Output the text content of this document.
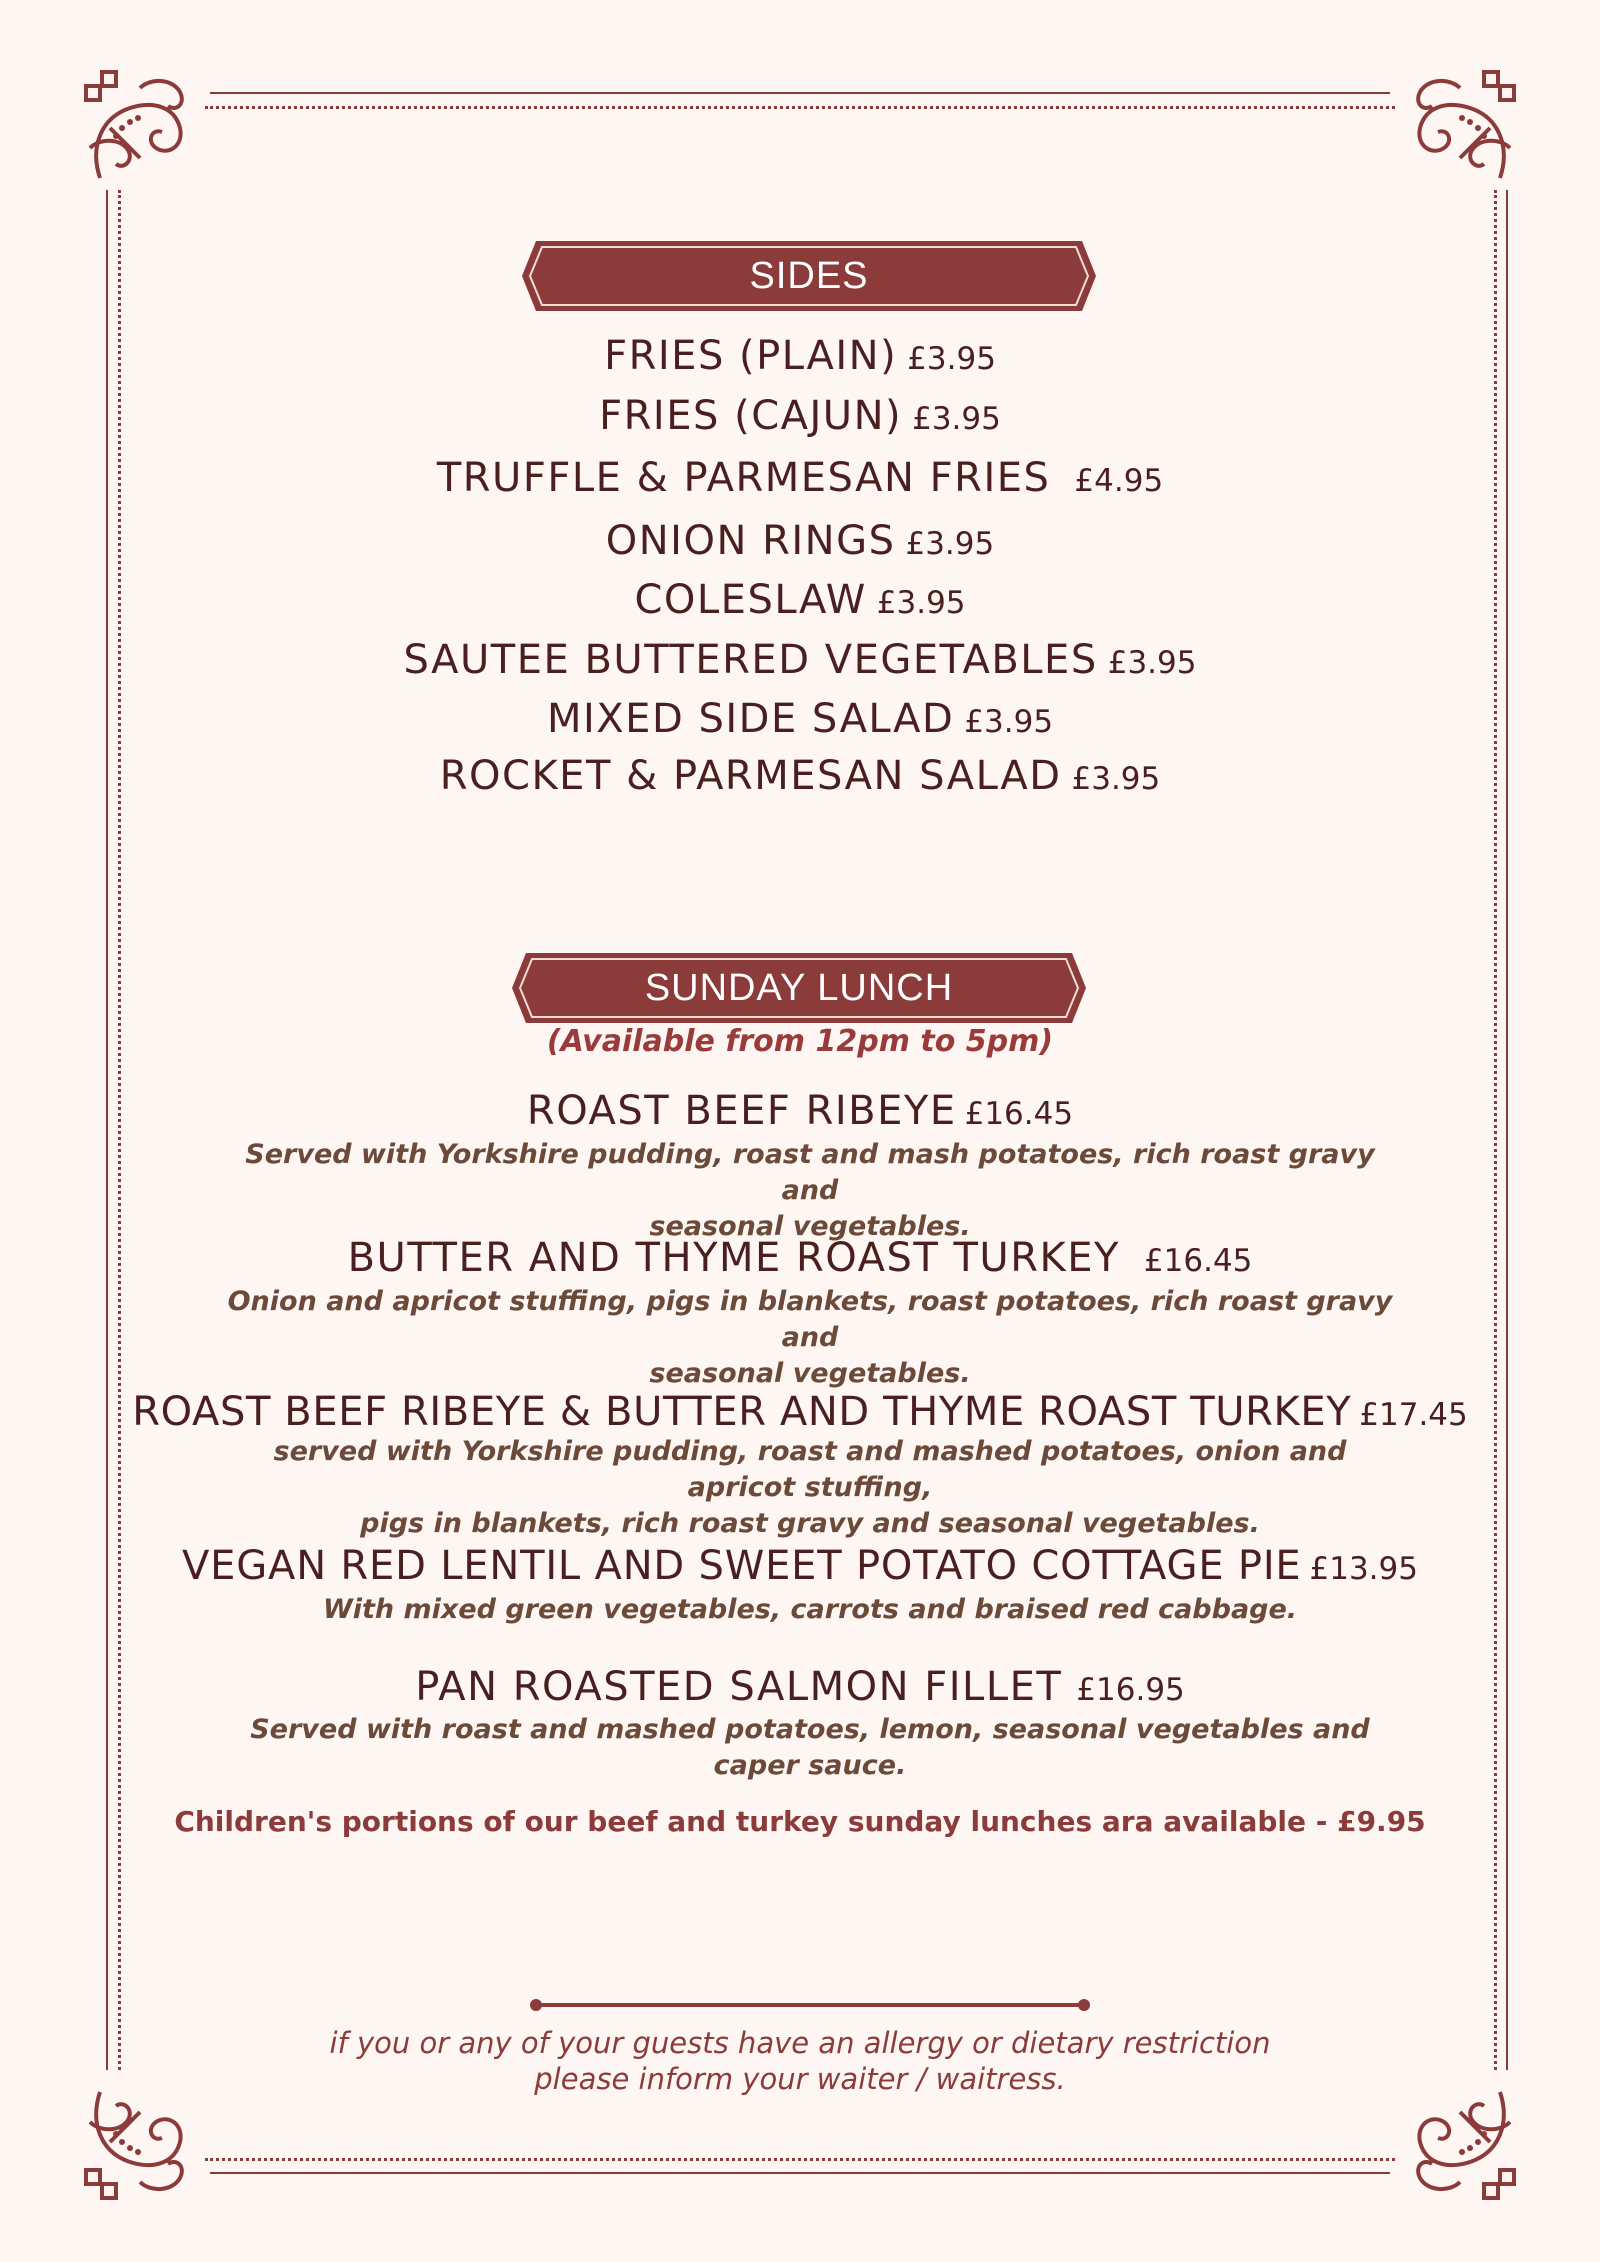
SIDES
FRIES (PLAIN) £3.95
FRIES (CAJUN) £3.95
TRUFFLE & PARMESAN FRIES £4.95
ONION RINGS £3.95
COLESLAW £3.95
SAUTEE BUTTERED VEGETABLES £3.95
MIXED SIDE SALAD £3.95
ROCKET & PARMESAN SALAD £3.95
SUNDAY LUNCH
(Available from 12pm to 5pm)
ROAST BEEF RIBEYE £16.45
Served with Yorkshire pudding, roast and mash potatoes, rich roast gravy and
seasonal vegetables.
BUTTER AND THYME ROAST TURKEY £16.45
Onion and apricot stuffing, pigs in blankets, roast potatoes, rich roast gravy and
seasonal vegetables.
ROAST BEEF RIBEYE & BUTTER AND THYME ROAST TURKEY £17.45
served with Yorkshire pudding, roast and mashed potatoes, onion and apricot stuffing,
pigs in blankets, rich roast gravy and seasonal vegetables.
VEGAN RED LENTIL AND SWEET POTATO COTTAGE PIE £13.95
With mixed green vegetables, carrots and braised red cabbage.
PAN ROASTED SALMON FILLET £16.95
Served with roast and mashed potatoes, lemon, seasonal vegetables and caper sauce.
Children's portions of our beef and turkey sunday lunches ara available - £9.95
if you or any of your guests have an allergy or dietary restriction
please inform your waiter / waitress.
